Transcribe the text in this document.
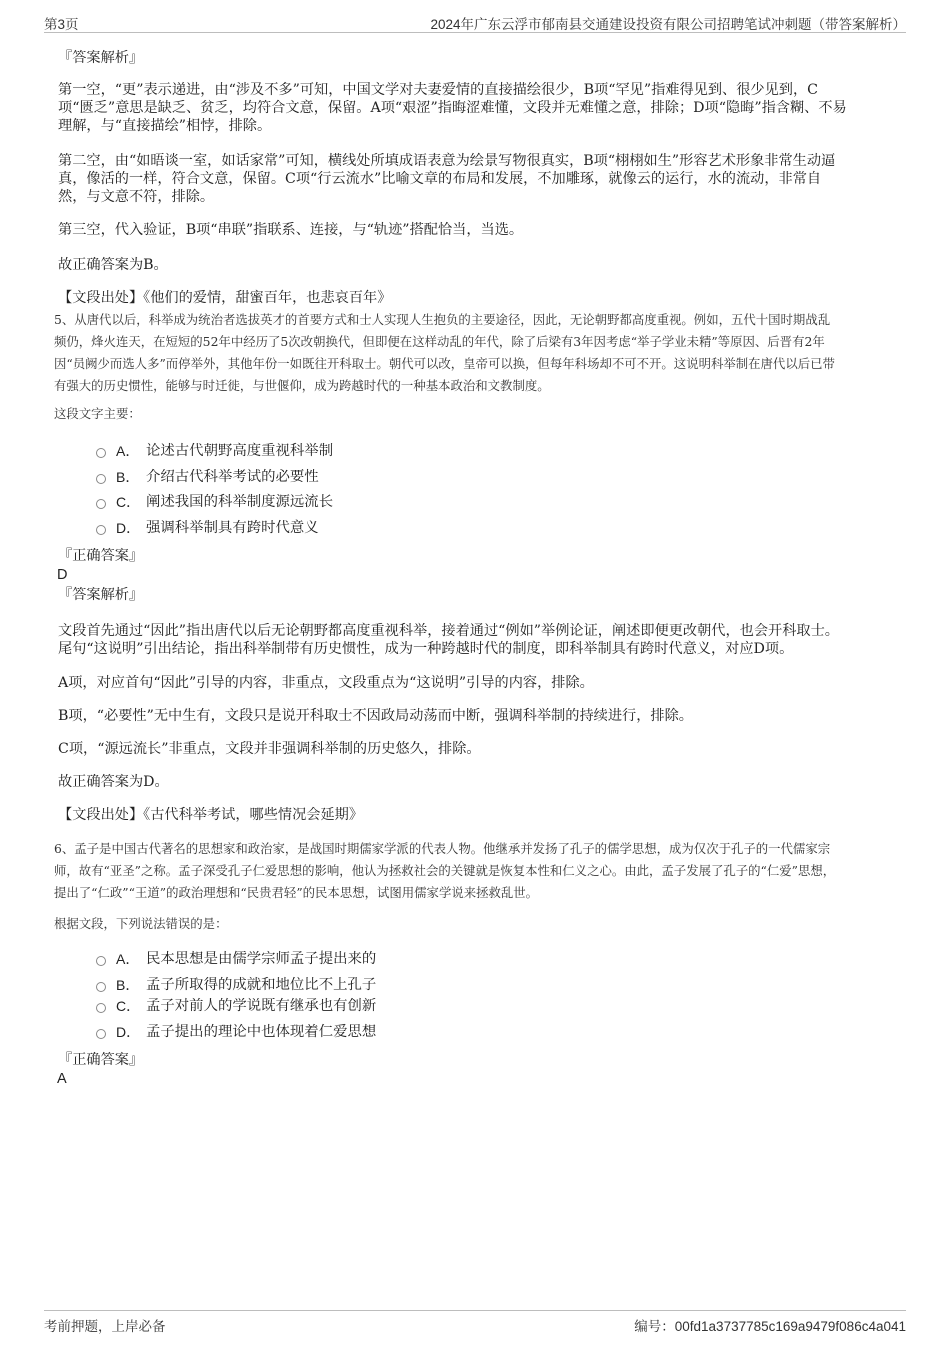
第3页	2024年广东云浮市郁南县交通建设投资有限公司招聘笔试冲刺题（带答案解析）
『答案解析』
第一空，“更”表示递进，由“涉及不多”可知，中国文学对夫妻爱情的直接描绘很少，B项“罕见”指难得见到、很少见到，C
项“匮乏”意思是缺乏、贫乏，均符合文意，保留。A项“艰涩”指晦涩难懂，文段并无难懂之意，排除；D项“隐晦”指含糊、不易
理解，与“直接描绘”相悖，排除。
第二空，由“如晤谈一室，如话家常”可知，横线处所填成语表意为绘景写物很真实，B项“栩栩如生”形容艺术形象非常生动逼
真，像活的一样，符合文意，保留。C项“行云流水”比喻文章的布局和发展，不加雕琢，就像云的运行，水的流动，非常自
然，与文意不符，排除。
第三空，代入验证，B项“串联”指联系、连接，与“轨迹”搭配恰当，当选。
故正确答案为B。
【文段出处】《他们的爱情，甜蜜百年，也悲哀百年》
5、从唐代以后，科举成为统治者选拔英才的首要方式和士人实现人生抱负的主要途径，因此，无论朝野都高度重视。例如，五代十国时期战乱
频仍，烽火连天，在短短的52年中经历了5次改朝换代，但即便在这样动乱的年代，除了后梁有3年因考虑“举子学业未精”等原因、后晋有2年
因“员阙少而选人多”而停举外，其他年份一如既往开科取士。朝代可以改，皇帝可以换，但每年科场却不可不开。这说明科举制在唐代以后已带
有强大的历史惯性，能够与时迁徙，与世偃仰，成为跨越时代的一种基本政治和文教制度。
这段文字主要：
A． 论述古代朝野高度重视科举制
B． 介绍古代科举考试的必要性
C． 阐述我国的科举制度源远流长
D． 强调科举制具有跨时代意义
『正确答案』
D
『答案解析』
文段首先通过“因此”指出唐代以后无论朝野都高度重视科举，接着通过“例如”举例论证，阐述即便更改朝代，也会开科取士。
尾句“这说明”引出结论，指出科举制带有历史惯性，成为一种跨越时代的制度，即科举制具有跨时代意义，对应D项。
A项，对应首句“因此”引导的内容，非重点，文段重点为“这说明”引导的内容，排除。
B项，“必要性”无中生有，文段只是说开科取士不因政局动荡而中断，强调科举制的持续进行，排除。
C项，“源远流长”非重点，文段并非强调科举制的历史悠久，排除。
故正确答案为D。
【文段出处】《古代科举考试，哪些情况会延期》
6、孟子是中国古代著名的思想家和政治家，是战国时期儒家学派的代表人物。他继承并发扬了孔子的儒学思想，成为仅次于孔子的一代儒家宗
师，故有“亚圣”之称。孟子深受孔子仁爱思想的影响，他认为拯救社会的关键就是恢复本性和仁义之心。由此，孟子发展了孔子的“仁爱”思想，
提出了“仁政”“王道”的政治理想和“民贵君轻”的民本思想，试图用儒家学说来拯救乱世。
根据文段，下列说法错误的是：
A． 民本思想是由儒学宗师孟子提出来的
B． 孟子所取得的成就和地位比不上孔子
C． 孟子对前人的学说既有继承也有创新
D． 孟子提出的理论中也体现着仁爱思想
『正确答案』
A
考前押题，上岸必备	编号：00fd1a3737785c169a9479f086c4a041
